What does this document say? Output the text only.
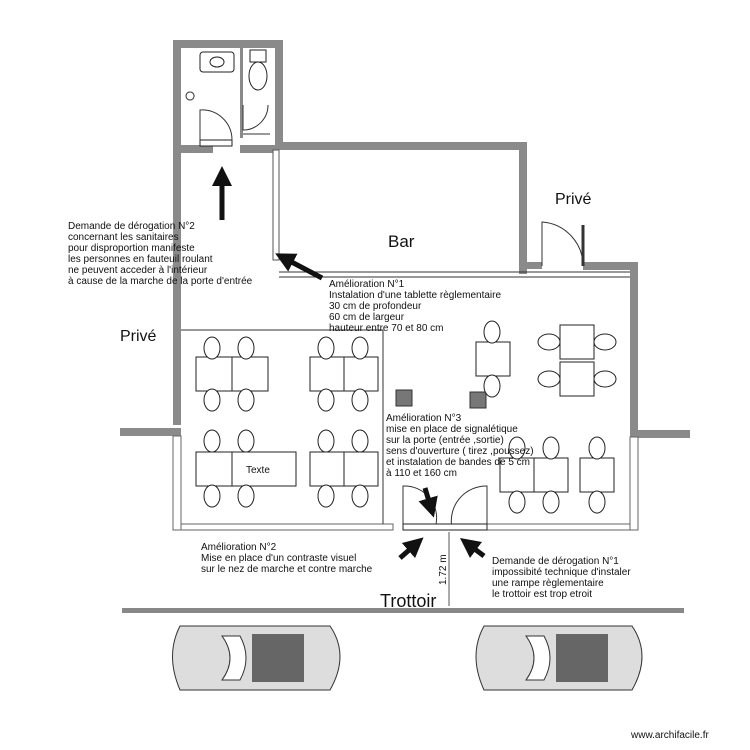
Bar
Privé
Privé
Trottoir
Texte
1.72 m
www.archifacile.fr
Demande de dérogation N°2 concernant les sanitaires pour disproportion manifeste les personnes en fauteuil roulant ne peuvent acceder à l'intérieur à cause de la marche de la porte d'entrée	Amélioration N°1 Instalation d'une tablette règlementaire 30 cm de profondeur 60 cm de largeur hauteur entre 70 et 80 cm
Amélioration N°3 mise en place de signalétique sur la porte (entrée ,sortie) sens d'ouverture ( tirez ,poussez) et instalation de bandes de 5 cm à 110 et 160 cm
Amélioration N°2 Mise en place d'un contraste visuel sur le nez de marche et contre marche
Demande de dérogation N°1 impossibité technique d'instaler une rampe règlementaire le trottoir est trop etroit
